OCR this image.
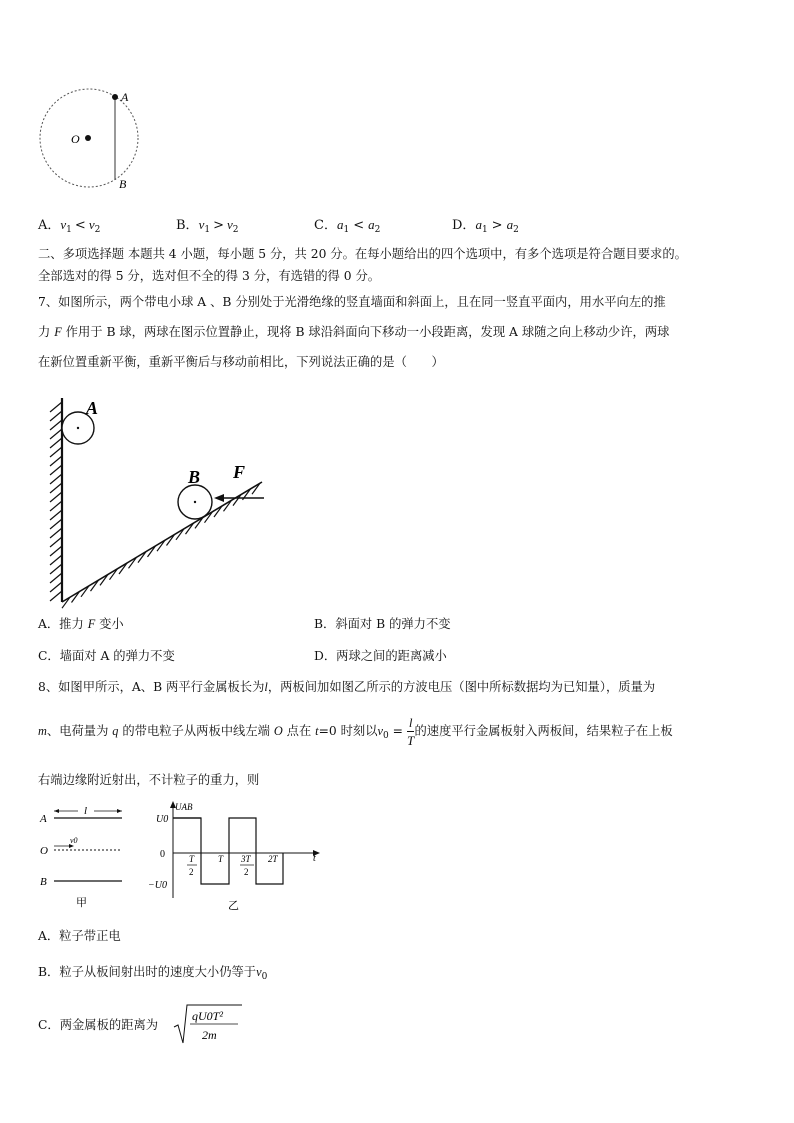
A
O
B
A．$v_1 < v_2$	B．$v_1 > v_2$	C．$a_1 < a_2$	D．$a_1 > a_2$
二、多项选择题 本题共 4 小题，每小题 5 分，共 20 分。在每小题给出的四个选项中，有多个选项是符合题目要求的。
全部选对的得 5 分，选对但不全的得 3 分，有选错的得 0 分。
7、如图所示，两个带电小球 A 、B 分别处于光滑绝缘的竖直墙面和斜面上，且在同一竖直平面内，用水平向左的推
力 F 作用于 B 球，两球在图示位置静止，现将 B 球沿斜面向下移动一小段距离，发现 A 球随之向上移动少许，两球
在新位置重新平衡，重新平衡后与移动前相比，下列说法正确的是（　　）
A
B F
A．推力 F 变小	B．斜面对 B 的弹力不变
C．墙面对 A 的弹力不变	D．两球之间的距离减小
8、如图甲所示，A、B 两平行金属板长为l，两板间加如图乙所示的方波电压（图中所标数据均为已知量），质量为
m、电荷量为 q 的带电粒子从两板中线左端 O 点在 t=0 时刻以$v_0 = \frac{l}{T}$ 的速度平行金属板射入两板间，结果粒子在上板
右端边缘附近射出，不计粒子的重力，则
A
O
B
l
v0
甲
UAB
U0
0
−U0
t
T
2
T 3T
2
2T
乙
A．粒子带正电
B．粒子从板间射出时的速度大小仍等于$v_0$
C．两金属板的距离为
qU0T²
2m
